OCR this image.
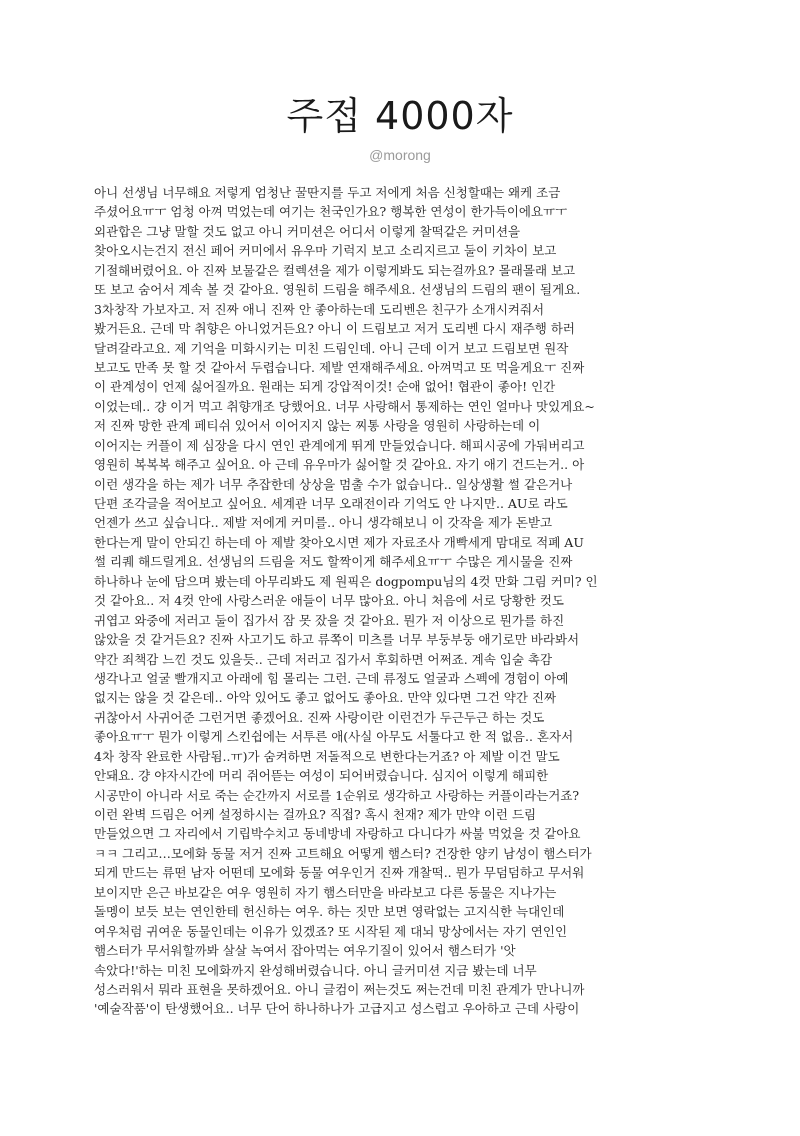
주접 4000자
@morong
아니 선생님 너무해요 저렇게 엄청난 꿀딴지를 두고 저에게 처음 신청할때는 왜케 조금
주셨어요ㅠㅜ 엄청 아껴 먹었는데 여기는 천국인가요? 행복한 연성이 한가득이에요ㅠㅜ
외관합은 그냥 말할 것도 없고 아니 커미션은 어디서 이렇게 찰떡같은 커미션을
찾아오시는건지 전신 페어 커미에서 유우마 기럭지 보고 소리지르고 둘이 키차이 보고
기절해버렸어요. 아 진짜 보물같은 컬렉션을 제가 이렇게봐도 되는걸까요? 몰래몰래 보고
또 보고 숨어서 계속 볼 것 같아요. 영원히 드림을 해주세요. 선생님의 드림의 팬이 될게요.
3차창작 가보자고. 저 진짜 애니 진짜 안 좋아하는데 도리벤은 친구가 소개시켜줘서
봤거든요. 근데 막 취향은 아니었거든요? 아니 이 드림보고 저거 도리벤 다시 재주행 하러
달려갈라고요. 제 기억을 미화시키는 미친 드림인데. 아니 근데 이거 보고 드림보면 원작
보고도 만족 못 할 것 같아서 두렵습니다. 제발 연재해주세요. 아껴먹고 또 먹을게요ㅜ 진짜
이 관계성이 언제 싫어질까요. 원래는 되게 강압적이것! 순애 없어! 협관이 좋아! 인간
이었는데.. 걍 이거 먹고 취향개조 당했어요. 너무 사랑해서 통제하는 연인 얼마나 맛있게요~
저 진짜 망한 관계 페티쉬 있어서 이어지지 않는 찌통 사랑을 영원히 사랑하는데 이
이어지는 커플이 제 심장을 다시 연인 관계에게 뛰게 만들었습니다. 해피시공에 가둬버리고
영원히 복복복 해주고 싶어요. 아 근데 유우마가 싫어할 것 같아요. 자기 애기 건드는거.. 아
이런 생각을 하는 제가 너무 추잡한데 상상을 멈출 수가 없습니다.. 일상생활 썰 같은거나
단편 조각글을 적어보고 싶어요. 세계관 너무 오래전이라 기억도 안 나지만.. AU로 라도
언젠가 쓰고 싶습니다.. 제발 저에게 커미를.. 아니 생각해보니 이 갓작을 제가 돈받고
한다는게 말이 안되긴 하는데 아 제발 찾아오시면 제가 자료조사 개빡세게 맘대로 적폐 AU
썰 리퀘 해드릴게요. 선생님의 드림을 저도 할짝이게 해주세요ㅠㅜ 수많은 게시물을 진짜
하나하나 눈에 담으며 봤는데 아무리봐도 제 원픽은 dogpompu님의 4컷 만화 그림 커미? 인
것 같아요.. 저 4컷 안에 사랑스러운 애들이 너무 많아요. 아니 처음에 서로 당황한 컷도
귀엽고 와중에 저러고 둘이 집가서 잠 못 잤을 것 같아요. 뭔가 저 이상으로 뭔가를 하진
않았을 것 같거든요? 진짜 사고기도 하고 류쪽이 미츠를 너무 부둥부둥 애기로만 바라봐서
약간 죄책감 느낀 것도 있을듯.. 근데 저러고 집가서 후회하면 어쩌죠. 계속 입술 촉감
생각나고 얼굴 빨개지고 아래에 힘 몰리는 그런. 근데 류정도 얼굴과 스펙에 경험이 아예
없지는 않을 것 같은데.. 아악 있어도 좋고 없어도 좋아요. 만약 있다면 그건 약간 진짜
귀찮아서 사귀어준 그런거면 좋겠어요. 진짜 사랑이란 이런건가 두근두근 하는 것도
좋아요ㅠㅜ 뭔가 이렇게 스킨쉽에는 서투른 애(사실 아무도 서툴다고 한 적 없음.. 혼자서
4차 창작 완료한 사람됨..ㅠ)가 숨켜하면 저돌적으로 변한다는거죠? 아 제발 이건 말도
안돼요. 걍 야자시간에 머리 쥐어뜯는 여성이 되어버렸습니다. 심지어 이렇게 해피한
시공만이 아니라 서로 죽는 순간까지 서로를 1순위로 생각하고 사랑하는 커플이라는거죠?
이런 완벽 드림은 어케 설정하시는 걸까요? 직접? 혹시 천재? 제가 만약 이런 드림
만들었으면 그 자리에서 기립박수치고 동네방네 자랑하고 다니다가 싸불 먹었을 것 같아요
ㅋㅋ 그리고…모에화 동물 저거 진짜 고트해요 어떻게 햄스터? 건장한 양키 남성이 햄스터가
되게 만드는 류떤 남자 어떤데 모에화 동물 여우인거 진짜 개찰떡.. 뭔가 무덤덤하고 무서워
보이지만 은근 바보같은 여우 영원히 자기 햄스터만을 바라보고 다른 동물은 지나가는
돌멩이 보듯 보는 연인한테 헌신하는 여우. 하는 짓만 보면 영락없는 고지식한 늑대인데
여우처럼 귀여운 동물인데는 이유가 있겠죠? 또 시작된 제 대뇌 망상에서는 자기 연인인
햄스터가 무서워할까봐 살살 녹여서 잡아먹는 여우기질이 있어서 햄스터가 '앗
속았다!'하는 미친 모에화까지 완성해버렸습니다. 아니 글커미션 지금 봤는데 너무
성스러워서 뭐라 표현을 못하겠어요. 아니 글컴이 쩌는것도 쩌는건데 미친 관계가 만나니까
'예술작품'이 탄생했어요.. 너무 단어 하나하나가 고급지고 성스럽고 우아하고 근데 사랑이
